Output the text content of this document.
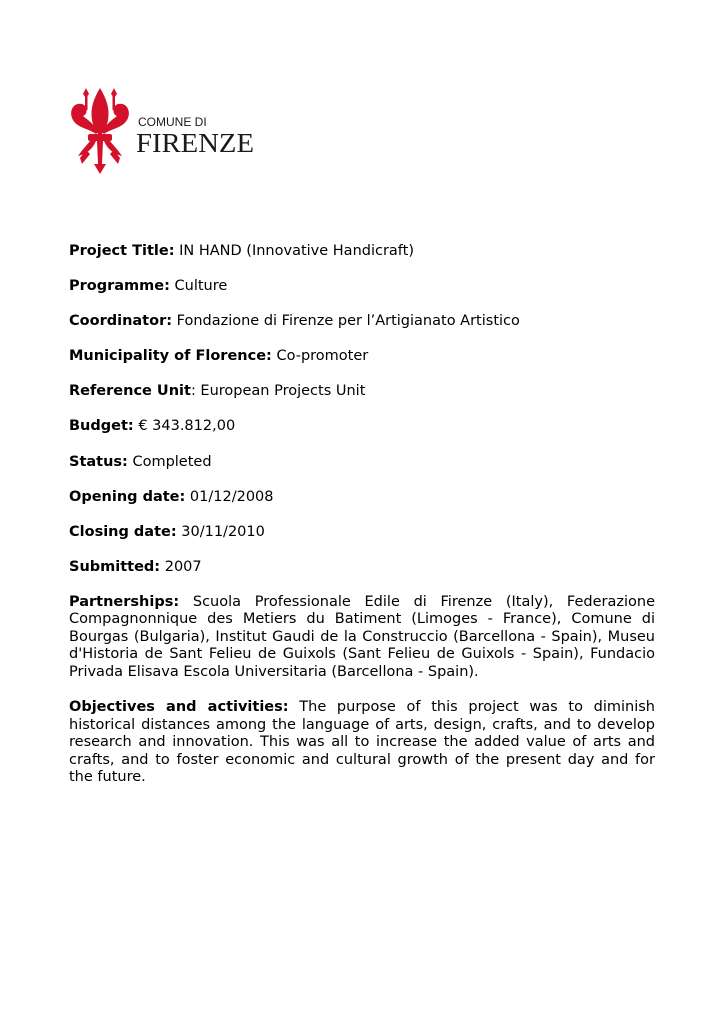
COMUNE DI
FIRENZE

Project Title: IN HAND (Innovative Handicraft)

Programme: Culture

Coordinator: Fondazione di Firenze per l’Artigianato Artistico

Municipality of Florence: Co-promoter

Reference Unit: European Projects Unit

Budget: € 343.812,00

Status: Completed

Opening date: 01/12/2008

Closing date: 30/11/2010

Submitted: 2007

Partnerships: Scuola Professionale Edile di Firenze (Italy), Federazione Compagnonnique des Metiers du Batiment (Limoges - France), Comune di Bourgas (Bulgaria), Institut Gaudi de la Construccio (Barcellona - Spain), Museu d'Historia de Sant Felieu de Guixols (Sant Felieu de Guixols - Spain), Fundacio Privada Elisava Escola Universitaria (Barcellona - Spain).

Objectives and activities: The purpose of this project was to diminish historical distances among the language of arts, design, crafts, and to develop research and innovation. This was all to increase the added value of arts and crafts, and to foster economic and cultural growth of the present day and for the future.
